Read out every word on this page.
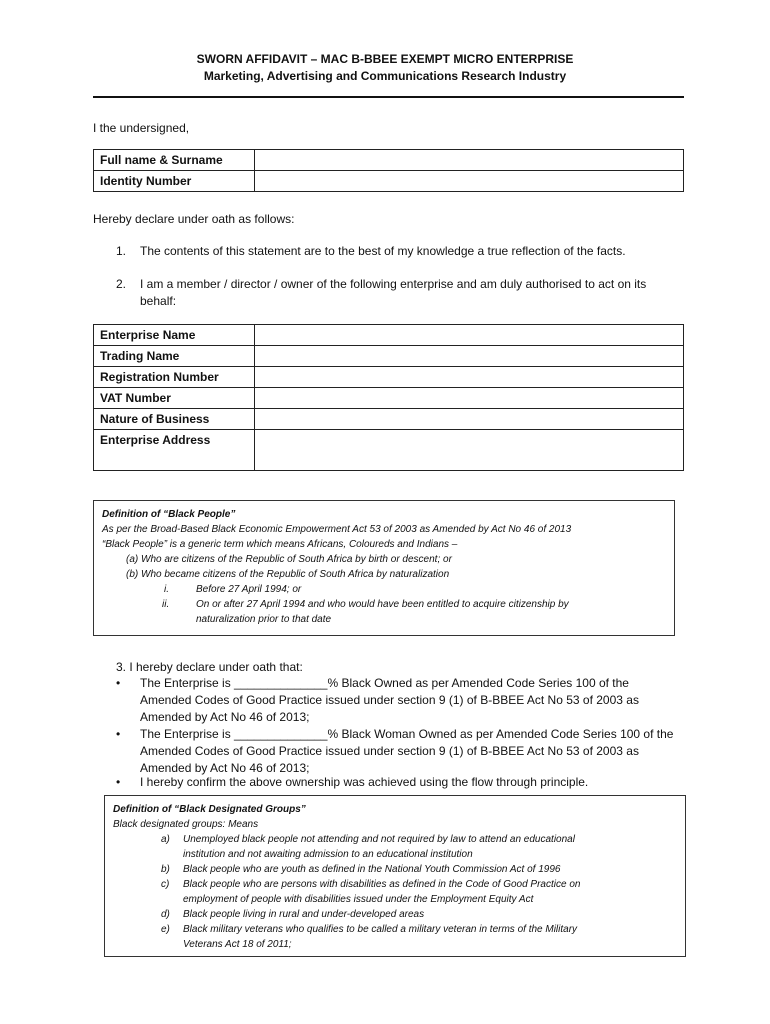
SWORN AFFIDAVIT – MAC B-BBEE EXEMPT MICRO ENTERPRISE
Marketing, Advertising and Communications Research Industry
I the undersigned,
Full name & Surname	
Identity Number	
Hereby declare under oath as follows:
1. The contents of this statement are to the best of my knowledge a true reflection of the facts.
2. I am a member / director / owner of the following enterprise and am duly authorised to act on its behalf:
Enterprise Name	
Trading Name	
Registration Number	
VAT Number	
Nature of Business	
Enterprise Address	
Definition of “Black People”
As per the Broad-Based Black Economic Empowerment Act 53 of 2003 as Amended by Act No 46 of 2013
“Black People” is a generic term which means Africans, Coloureds and Indians –
(a) Who are citizens of the Republic of South Africa by birth or descent; or
(b) Who became citizens of the Republic of South Africa by naturalization
i.	Before 27 April 1994; or
ii.	On or after 27 April 1994 and who would have been entitled to acquire citizenship by
naturalization prior to that date
3. I hereby declare under oath that:
• The Enterprise is ______________% Black Owned as per Amended Code Series 100 of the Amended Codes of Good Practice issued under section 9 (1) of B-BBEE Act No 53 of 2003 as Amended by Act No 46 of 2013;
• The Enterprise is ______________% Black Woman Owned as per Amended Code Series 100 of the Amended Codes of Good Practice issued under section 9 (1) of B-BBEE Act No 53 of 2003 as Amended by Act No 46 of 2013;
• I hereby confirm the above ownership was achieved using the flow through principle.
Definition of “Black Designated Groups”
Black designated groups: Means
a) Unemployed black people not attending and not required by law to attend an educational
institution and not awaiting admission to an educational institution
b) Black people who are youth as defined in the National Youth Commission Act of 1996
c) Black people who are persons with disabilities as defined in the Code of Good Practice on
employment of people with disabilities issued under the Employment Equity Act
d) Black people living in rural and under-developed areas
e) Black military veterans who qualifies to be called a military veteran in terms of the Military
Veterans Act 18 of 2011;
